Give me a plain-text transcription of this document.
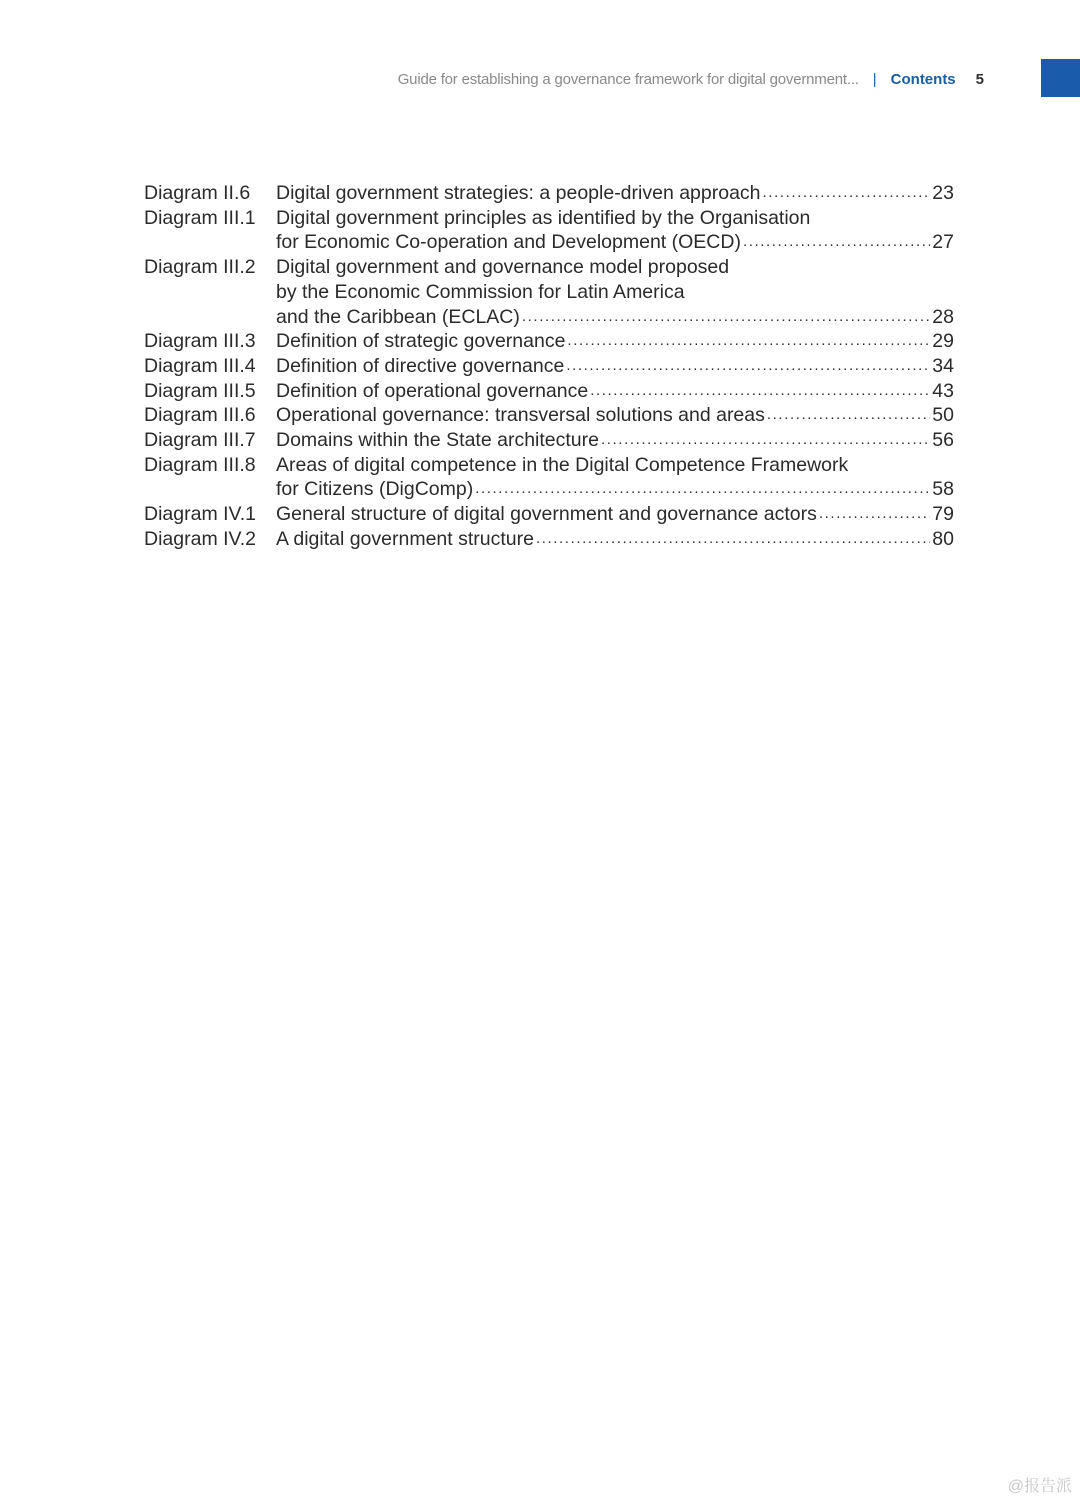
Guide for establishing a governance framework for digital government... | Contents 5
Diagram II.6	Digital government strategies: a people-driven approach .....	23
Diagram III.1	Digital government principles as identified by the Organisation
for Economic Co-operation and Development (OECD) .....	27
Diagram III.2	Digital government and governance model proposed
by the Economic Commission for Latin America
and the Caribbean (ECLAC) .....	28
Diagram III.3	Definition of strategic governance .....	29
Diagram III.4	Definition of directive governance .....	34
Diagram III.5	Definition of operational governance .....	43
Diagram III.6	Operational governance: transversal solutions and areas .....	50
Diagram III.7	Domains within the State architecture .....	56
Diagram III.8	Areas of digital competence in the Digital Competence Framework
for Citizens (DigComp) .....	58
Diagram IV.1	General structure of digital government and governance actors .....	79
Diagram IV.2	A digital government structure .....	80
@报告派
